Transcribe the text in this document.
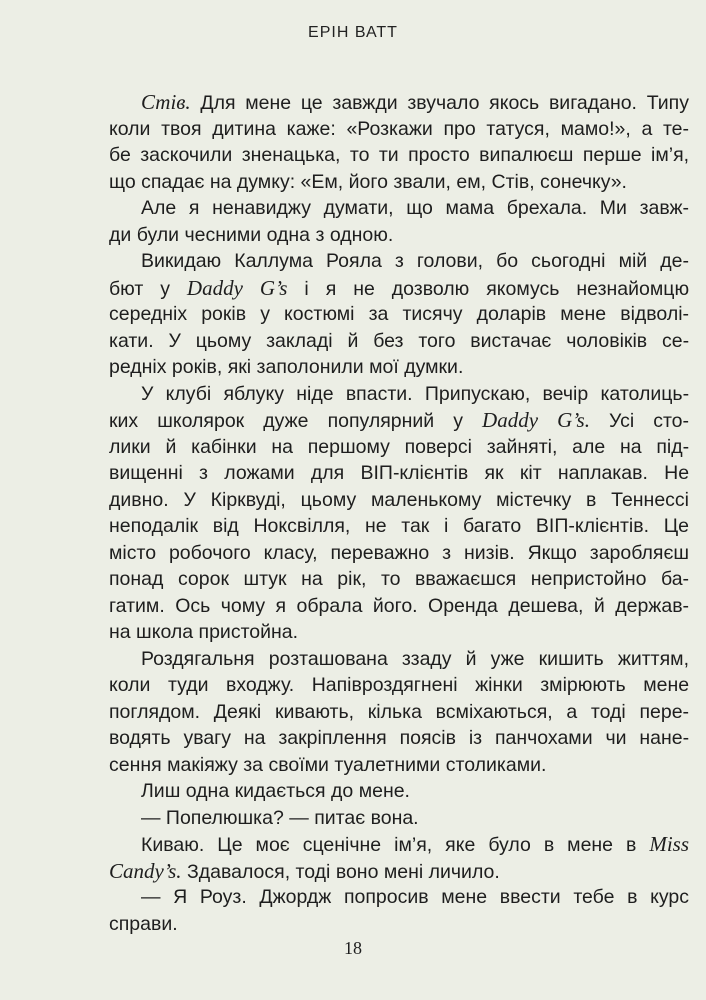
ЕРІН ВАТТ
Стів. Для мене це завжди звучало якось вигадано. Типу
коли твоя дитина каже: «Розкажи про татуся, мамо!», а те-
бе заскочили зненацька, то ти просто випалюєш перше ім’я,
що спадає на думку: «Ем, його звали, ем, Стів, сонечку».
Але я ненавиджу думати, що мама брехала. Ми завж-
ди були чесними одна з одною.
Викидаю Каллума Рояла з голови, бо сьогодні мій де-
бют у Daddy G’s і я не дозволю якомусь незнайомцю
середніх років у костюмі за тисячу доларів мене відволі-
кати. У цьому закладі й без того вистачає чоловіків се-
редніх років, які заполонили мої думки.
У клубі яблуку ніде впасти. Припускаю, вечір католиць-
ких школярок дуже популярний у Daddy G’s. Усі сто-
лики й кабінки на першому поверсі зайняті, але на під-
вищенні з ложами для ВІП-клієнтів як кіт наплакав. Не
дивно. У Кірквуді, цьому маленькому містечку в Теннессі
неподалік від Ноксвілля, не так і багато ВІП-клієнтів. Це
місто робочого класу, переважно з низів. Якщо заробляєш
понад сорок штук на рік, то вважаєшся непристойно ба-
гатим. Ось чому я обрала його. Оренда дешева, й держав-
на школа пристойна.
Роздягальня розташована ззаду й уже кишить життям,
коли туди входжу. Напівроздягнені жінки змірюють мене
поглядом. Деякі кивають, кілька всміхаються, а тоді пере-
водять увагу на закріплення поясів із панчохами чи нане-
сення макіяжу за своїми туалетними столиками.
Лиш одна кидається до мене.
— Попелюшка? — питає вона.
Киваю. Це моє сценічне ім’я, яке було в мене в Miss
Candy’s. Здавалося, тоді воно мені личило.
— Я Роуз. Джордж попросив мене ввести тебе в курс
справи.
18
